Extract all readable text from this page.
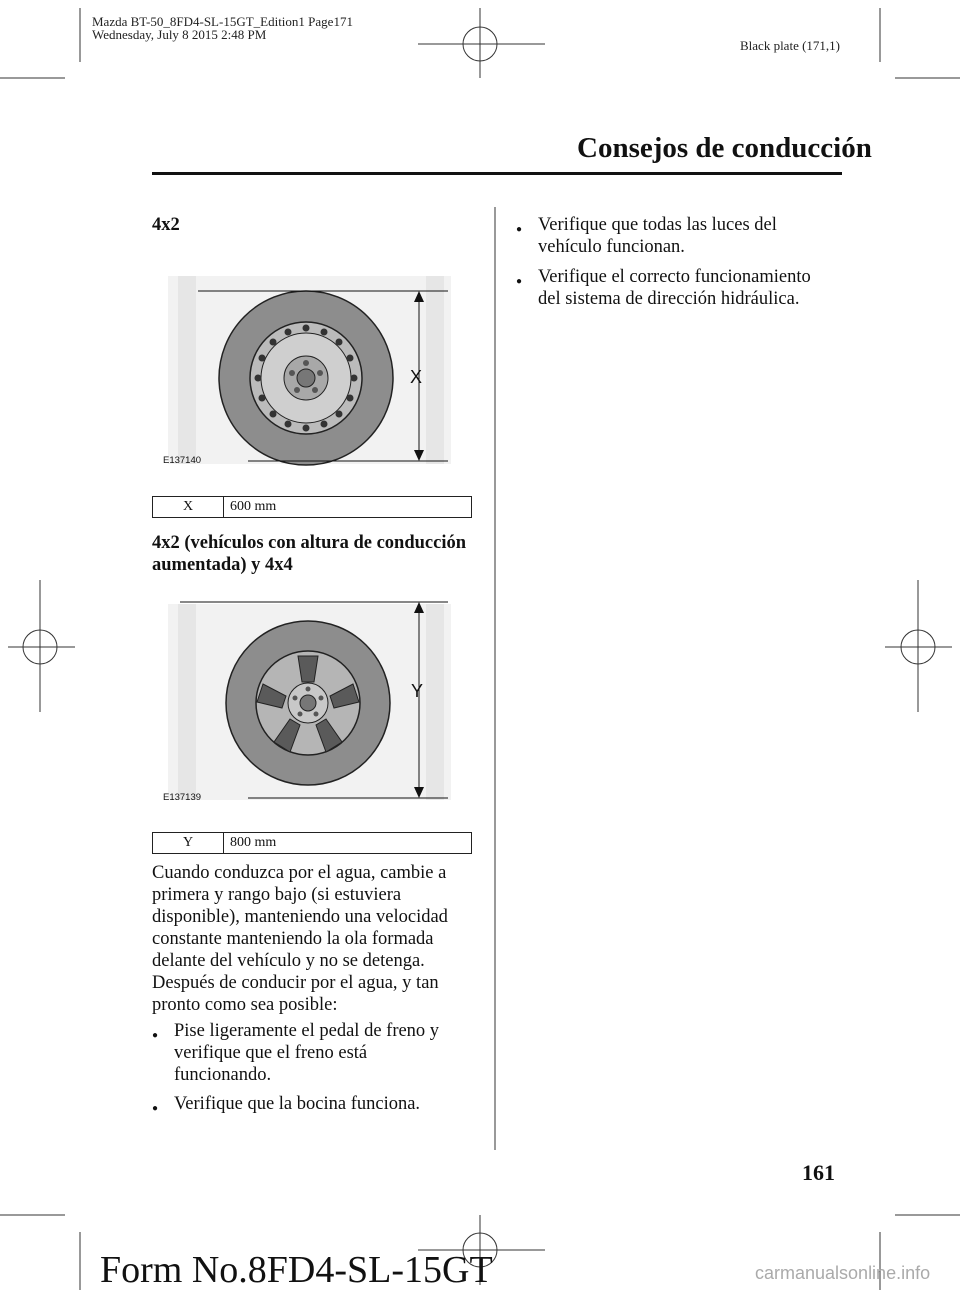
Mazda BT-50_8FD4-SL-15GT_Edition1 Page171
Wednesday, July 8 2015 2:48 PM
Black plate (171,1)
Consejos de conducción
4x2
X
E137140
X	600 mm
4x2 (vehículos con altura de conducción
aumentada) y 4x4
Y
E137139
Y	800 mm
Cuando conduzca por el agua, cambie a
primera y rango bajo (si estuviera
disponible), manteniendo una velocidad
constante manteniendo la ola formada
delante del vehículo y no se detenga.
Después de conducir por el agua, y tan
pronto como sea posible:
● Pise ligeramente el pedal de freno y
verifique que el freno está
funcionando.
● Verifique que la bocina funciona.
● Verifique que todas las luces del
vehículo funcionan.
● Verifique el correcto funcionamiento
del sistema de dirección hidráulica.
161
Form No.8FD4-SL-15GT	carmanualsonline.info
